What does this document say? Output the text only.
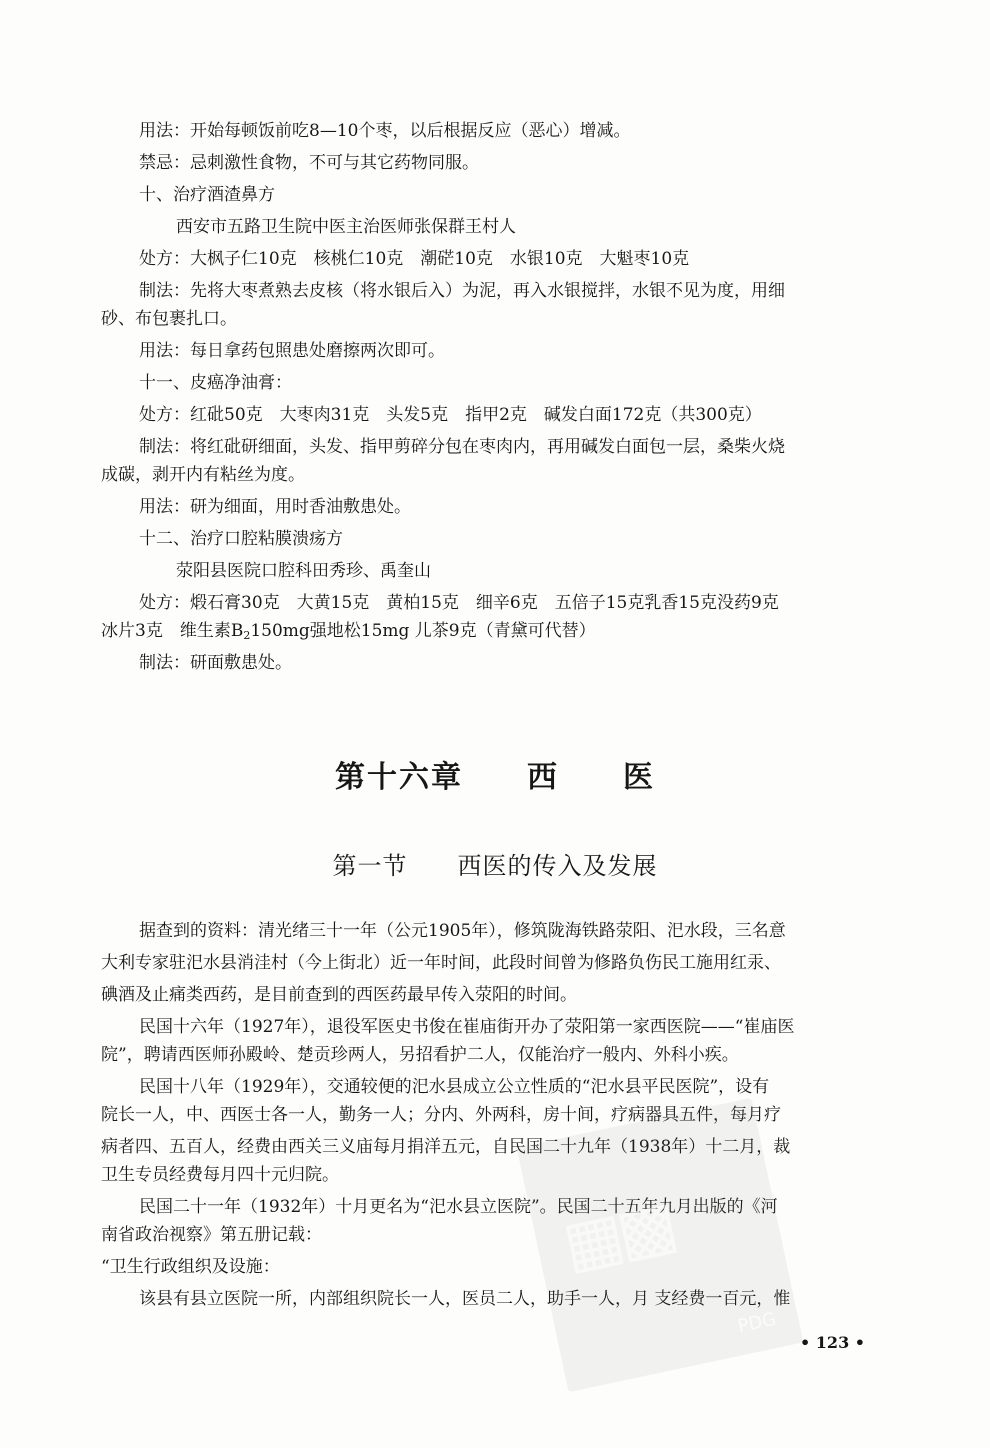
用法：开始每顿饭前吃8—10个枣，以后根据反应（恶心）增减。
禁忌：忌刺激性食物，不可与其它药物同服。
十、治疗酒渣鼻方
西安市五路卫生院中医主治医师张保群王村人
处方：大枫子仁10克　核桃仁10克　潮硭10克　水银10克　大魁枣10克
制法：先将大枣煮熟去皮核（将水银后入）为泥，再入水银搅拌，水银不见为度，用细
砂、布包裹扎口。
用法：每日拿药包照患处磨擦两次即可。
十一、皮癌净油膏：
处方：红砒50克　大枣肉31克　头发5克　指甲2克　碱发白面172克（共300克）
制法：将红砒研细面，头发、指甲剪碎分包在枣肉内，再用碱发白面包一层，桑柴火烧
成碳，剥开内有粘丝为度。
用法：研为细面，用时香油敷患处。
十二、治疗口腔粘膜溃疡方
荥阳县医院口腔科田秀珍、禹奎山
处方：煅石膏30克　大黄15克　黄柏15克　细辛6克　五倍子15克乳香15克没药9克
冰片3克　维生素B2150mg强地松15mg 儿茶9克（青黛可代替）
制法：研面敷患处。
第十六章　　西　　医
第一节　　西医的传入及发展
据查到的资料：清光绪三十一年（公元1905年），修筑陇海铁路荥阳、汜水段，三名意
大利专家驻汜水县消洼村（今上街北）近一年时间，此段时间曾为修路负伤民工施用红汞、
碘酒及止痛类西药，是目前查到的西医药最早传入荥阳的时间。
民国十六年（1927年），退役军医史书俊在崔庙街开办了荥阳第一家西医院——“崔庙医
院”，聘请西医师孙殿岭、楚贡珍两人，另招看护二人，仅能治疗一般内、外科小疾。
民国十八年（1929年），交通较便的汜水县成立公立性质的“汜水县平民医院”，设有
院长一人，中、西医士各一人，勤务一人；分内、外两科，房十间，疗病器具五件，每月疗
病者四、五百人，经费由西关三义庙每月捐洋五元，自民国二十九年（1938年）十二月，裁
卫生专员经费每月四十元归院。
民国二十一年（1932年）十月更名为“汜水县立医院”。民国二十五年九月出版的《河
南省政治视察》第五册记载：
“卫生行政组织及设施：
该县有县立医院一所，内部组织院长一人，医员二人，助手一人，月 支经费一百元，惟
▦▩
PDG
• 123 •
